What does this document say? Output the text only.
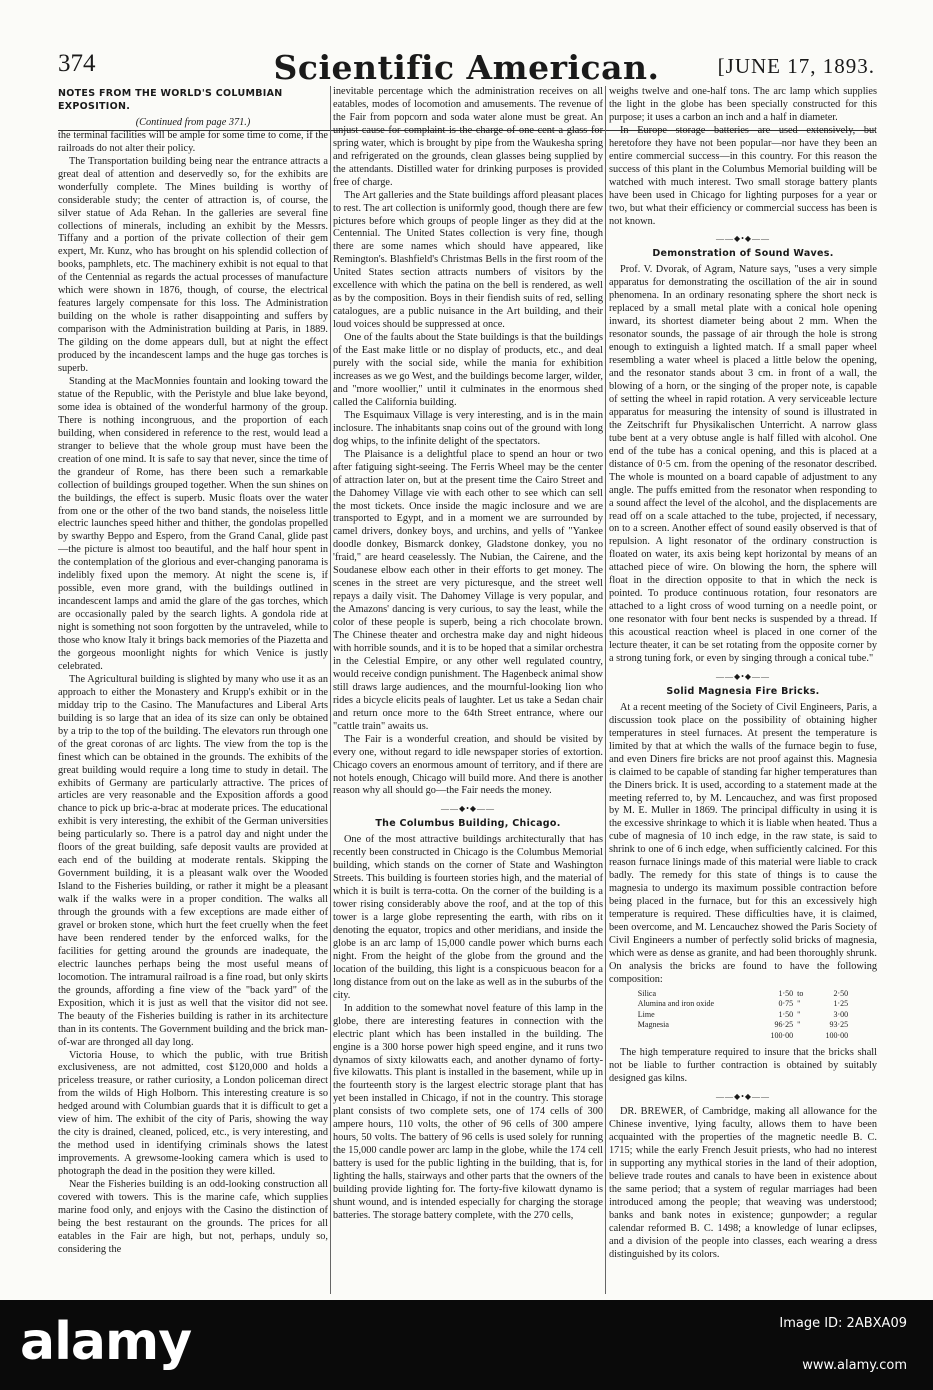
374	Scientific American.	[JUNE 17, 1893.
NOTES FROM THE WORLD'S COLUMBIAN EXPOSITION.
(Continued from page 371.)

the terminal facilities will be ample for some time to come, if the railroads do not alter their policy.

The Transportation building being near the entrance attracts a great deal of attention and deservedly so, for the exhibits are wonderfully complete. The Mines building is worthy of considerable study; the center of attraction is, of course, the silver statue of Ada Rehan. In the galleries are several fine collections of minerals, including an exhibit by the Messrs. Tiffany and a portion of the private collection of their gem expert, Mr. Kunz, who has brought on his splendid collection of books, pamphlets, etc. The machinery exhibit is not equal to that of the Centennial as regards the actual processes of manufacture which were shown in 1876, though, of course, the electrical features largely compensate for this loss. The Administration building on the whole is rather disappointing and suffers by comparison with the Administration building at Paris, in 1889. The gilding on the dome appears dull, but at night the effect produced by the incandescent lamps and the huge gas torches is superb.

Standing at the MacMonnies fountain and looking toward the statue of the Republic, with the Peristyle and blue lake beyond, some idea is obtained of the wonderful harmony of the group. There is nothing incongruous, and the proportion of each building, when considered in reference to the rest, would lead a stranger to believe that the whole group must have been the creation of one mind. It is safe to say that never, since the time of the grandeur of Rome, has there been such a remarkable collection of buildings grouped together. When the sun shines on the buildings, the effect is superb. Music floats over the water from one or the other of the two band stands, the noiseless little electric launches speed hither and thither, the gondolas propelled by swarthy Beppo and Espero, from the Grand Canal, glide past—the picture is almost too beautiful, and the half hour spent in the contemplation of the glorious and ever-changing panorama is indelibly fixed upon the memory. At night the scene is, if possible, even more grand, with the buildings outlined in incandescent lamps and amid the glare of the gas torches, which are occasionally paled by the search lights. A gondola ride at night is something not soon forgotten by the untraveled, while to those who know Italy it brings back memories of the Piazetta and the gorgeous moonlight nights for which Venice is justly celebrated.

The Agricultural building is slighted by many who use it as an approach to either the Monastery and Krupp's exhibit or in the midday trip to the Casino. The Manufactures and Liberal Arts building is so large that an idea of its size can only be obtained by a trip to the top of the building. The elevators run through one of the great coronas of arc lights. The view from the top is the finest which can be obtained in the grounds. The exhibits of the great building would require a long time to study in detail. The exhibits of Germany are particularly attractive. The prices of articles are very reasonable and the Exposition affords a good chance to pick up bric-a-brac at moderate prices. The educational exhibit is very interesting, the exhibit of the German universities being particularly so. There is a patrol day and night under the floors of the great building, safe deposit vaults are provided at each end of the building at moderate rentals. Skipping the Government building, it is a pleasant walk over the Wooded Island to the Fisheries building, or rather it might be a pleasant walk if the walks were in a proper condition. The walks all through the grounds with a few exceptions are made either of gravel or broken stone, which hurt the feet cruelly when the feet have been rendered tender by the enforced walks, for the facilities for getting around the grounds are inadequate, the electric launches perhaps being the most useful means of locomotion. The intramural railroad is a fine road, but only skirts the grounds, affording a fine view of the "back yard" of the Exposition, which it is just as well that the visitor did not see. The beauty of the Fisheries building is rather in its architecture than in its contents. The Government building and the brick man-of-war are thronged all day long.

Victoria House, to which the public, with true British exclusiveness, are not admitted, cost $120,000 and holds a priceless treasure, or rather curiosity, a London policeman direct from the wilds of High Holborn. This interesting creature is so hedged around with Columbian guards that it is difficult to get a view of him. The exhibit of the city of Paris, showing the way the city is drained, cleaned, policed, etc., is very interesting, and the method used in identifying criminals shows the latest improvements. A grewsome-looking camera which is used to photograph the dead in the position they were killed.

Near the Fisheries building is an odd-looking construction all covered with towers. This is the marine cafe, which supplies marine food only, and enjoys with the Casino the distinction of being the best restaurant on the grounds. The prices for all eatables in the Fair are high, but not, perhaps, unduly so, considering the

inevitable percentage which the administration receives on all eatables, modes of locomotion and amusements. The revenue of the Fair from popcorn and soda water alone must be great. An unjust cause for complaint is the charge of one cent a glass for spring water, which is brought by pipe from the Waukesha spring and refrigerated on the grounds, clean glasses being supplied by the attendants. Distilled water for drinking purposes is provided free of charge.

The Art galleries and the State buildings afford pleasant places to rest. The art collection is uniformly good, though there are few pictures before which groups of people linger as they did at the Centennial. The United States collection is very fine, though there are some names which should have appeared, like Remington's. Blashfield's Christmas Bells in the first room of the United States section attracts numbers of visitors by the excellence with which the patina on the bell is rendered, as well as by the composition. Boys in their fiendish suits of red, selling catalogues, are a public nuisance in the Art building, and their loud voices should be suppressed at once.

One of the faults about the State buildings is that the buildings of the East make little or no display of products, etc., and deal purely with the social side, while the mania for exhibition increases as we go West, and the buildings become larger, wilder, and "more woollier," until it culminates in the enormous shed called the California building.

The Esquimaux Village is very interesting, and is in the main inclosure. The inhabitants snap coins out of the ground with long dog whips, to the infinite delight of the spectators.

The Plaisance is a delightful place to spend an hour or two after fatiguing sight-seeing. The Ferris Wheel may be the center of attraction later on, but at the present time the Cairo Street and the Dahomey Village vie with each other to see which can sell the most tickets. Once inside the magic inclosure and we are transported to Egypt, and in a moment we are surrounded by camel drivers, donkey boys, and urchins, and yells of "Yankee doodle donkey, Bismarck donkey, Gladstone donkey, you no 'fraid," are heard ceaselessly. The Nubian, the Cairene, and the Soudanese elbow each other in their efforts to get money. The scenes in the street are very picturesque, and the street well repays a daily visit. The Dahomey Village is very popular, and the Amazons' dancing is very curious, to say the least, while the color of these people is superb, being a rich chocolate brown. The Chinese theater and orchestra make day and night hideous with horrible sounds, and it is to be hoped that a similar orchestra in the Celestial Empire, or any other well regulated country, would receive condign punishment. The Hagenbeck animal show still draws large audiences, and the mournful-looking lion who rides a bicycle elicits peals of laughter. Let us take a Sedan chair and return once more to the 64th Street entrance, where our "cattle train" awaits us.

The Fair is a wonderful creation, and should be visited by every one, without regard to idle newspaper stories of extortion. Chicago covers an enormous amount of territory, and if there are not hotels enough, Chicago will build more. And there is another reason why all should go—the Fair needs the money.

——◆•◆——
The Columbus Building, Chicago.

One of the most attractive buildings architecturally that has recently been constructed in Chicago is the Columbus Memorial building, which stands on the corner of State and Washington Streets. This building is fourteen stories high, and the material of which it is built is terra-cotta. On the corner of the building is a tower rising considerably above the roof, and at the top of this tower is a large globe representing the earth, with ribs on it denoting the equator, tropics and other meridians, and inside the globe is an arc lamp of 15,000 candle power which burns each night. From the height of the globe from the ground and the location of the building, this light is a conspicuous beacon for a long distance from out on the lake as well as in the suburbs of the city.

In addition to the somewhat novel feature of this lamp in the globe, there are interesting features in connection with the electric plant which has been installed in the building. The engine is a 300 horse power high speed engine, and it runs two dynamos of sixty kilowatts each, and another dynamo of forty-five kilowatts. This plant is installed in the basement, while up in the fourteenth story is the largest electric storage plant that has yet been installed in Chicago, if not in the country. This storage plant consists of two complete sets, one of 174 cells of 300 ampere hours, 110 volts, the other of 96 cells of 300 ampere hours, 50 volts. The battery of 96 cells is used solely for running the 15,000 candle power arc lamp in the globe, while the 174 cell battery is used for the public lighting in the building, that is, for lighting the halls, stairways and other parts that the owners of the building provide lighting for. The forty-five kilowatt dynamo is shunt wound, and is intended especially for charging the storage batteries. The storage battery complete, with the 270 cells,

weighs twelve and one-half tons. The arc lamp which supplies the light in the globe has been specially constructed for this purpose; it uses a carbon an inch and a half in diameter.

In Europe storage batteries are used extensively, but heretofore they have not been popular—nor have they been an entire commercial success—in this country. For this reason the success of this plant in the Columbus Memorial building will be watched with much interest. Two small storage battery plants have been used in Chicago for lighting purposes for a year or two, but what their efficiency or commercial success has been is not known.

——◆•◆——
Demonstration of Sound Waves.

Prof. V. Dvorak, of Agram, Nature says, "uses a very simple apparatus for demonstrating the oscillation of the air in sound phenomena. In an ordinary resonating sphere the short neck is replaced by a small metal plate with a conical hole opening inward, its shortest diameter being about 2 mm. When the resonator sounds, the passage of air through the hole is strong enough to extinguish a lighted match. If a small paper wheel resembling a water wheel is placed a little below the opening, and the resonator stands about 3 cm. in front of a wall, the blowing of a horn, or the singing of the proper note, is capable of setting the wheel in rapid rotation. A very serviceable lecture apparatus for measuring the intensity of sound is illustrated in the Zeitschrift fur Physikalischen Unterricht. A narrow glass tube bent at a very obtuse angle is half filled with alcohol. One end of the tube has a conical opening, and this is placed at a distance of 0·5 cm. from the opening of the resonator described. The whole is mounted on a board capable of adjustment to any angle. The puffs emitted from the resonator when responding to a sound affect the level of the alcohol, and the displacements are read off on a scale attached to the tube, projected, if necessary, on to a screen. Another effect of sound easily observed is that of repulsion. A light resonator of the ordinary construction is floated on water, its axis being kept horizontal by means of an attached piece of wire. On blowing the horn, the sphere will float in the direction opposite to that in which the neck is pointed. To produce continuous rotation, four resonators are attached to a light cross of wood turning on a needle point, or one resonator with four bent necks is suspended by a thread. If this acoustical reaction wheel is placed in one corner of the lecture theater, it can be set rotating from the opposite corner by a strong tuning fork, or even by singing through a conical tube."

——◆•◆——
Solid Magnesia Fire Bricks.

At a recent meeting of the Society of Civil Engineers, Paris, a discussion took place on the possibility of obtaining higher temperatures in steel furnaces. At present the temperature is limited by that at which the walls of the furnace begin to fuse, and even Diners fire bricks are not proof against this. Magnesia is claimed to be capable of standing far higher temperatures than the Diners brick. It is used, according to a statement made at the meeting referred to, by M. Lencauchez, and was first proposed by M. E. Muller in 1869. The principal difficulty in using it is the excessive shrinkage to which it is liable when heated. Thus a cube of magnesia of 10 inch edge, in the raw state, is said to shrink to one of 6 inch edge, when sufficiently calcined. For this reason furnace linings made of this material were liable to crack badly. The remedy for this state of things is to cause the magnesia to undergo its maximum possible contraction before being placed in the furnace, but for this an excessively high temperature is required. These difficulties have, it is claimed, been overcome, and M. Lencauchez showed the Paris Society of Civil Engineers a number of perfectly solid bricks of magnesia, which were as dense as granite, and had been thoroughly shrunk. On analysis the bricks are found to have the following composition:

Silica	1·50	to	2·50
Alumina and iron oxide	0·75	"	1·25
Lime	1·50	"	3·00
Magnesia	96·25	"	93·25
	100·00		100·00

The high temperature required to insure that the bricks shall not be liable to further contraction is obtained by suitably designed gas kilns.

——◆•◆——

DR. BREWER, of Cambridge, making all allowance for the Chinese inventive, lying faculty, allows them to have been acquainted with the properties of the magnetic needle B. C. 1715; while the early French Jesuit priests, who had no interest in supporting any mythical stories in the land of their adoption, believe trade routes and canals to have been in existence about the same period; that a system of regular marriages had been introduced among the people; that weaving was understood; banks and bank notes in existence; gunpowder; a regular calendar reformed B. C. 1498; a knowledge of lunar eclipses, and a division of the people into classes, each wearing a dress distinguished by its colors.

alamy	Image ID: 2ABXA09
www.alamy.com
